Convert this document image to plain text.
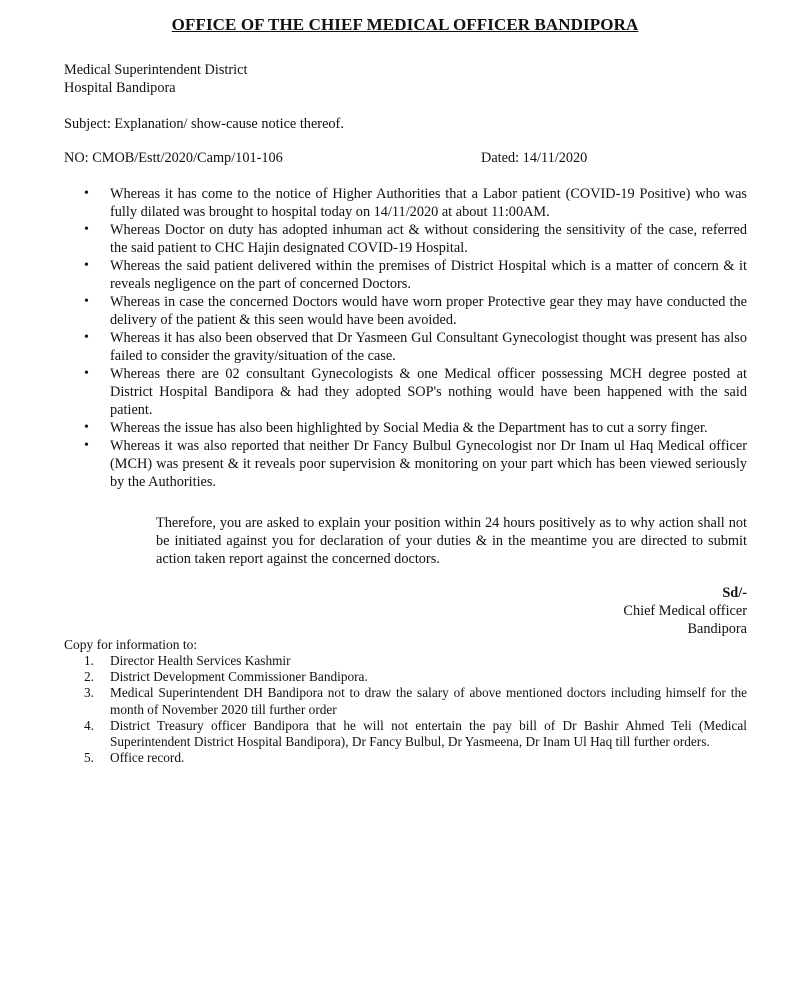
OFFICE OF THE CHIEF MEDICAL OFFICER BANDIPORA
Medical Superintendent District
Hospital Bandipora
Subject: Explanation/ show-cause notice thereof.
NO: CMOB/Estt/2020/Camp/101-106	Dated: 14/11/2020
• Whereas it has come to the notice of Higher Authorities that a Labor patient (COVID-19 Positive) who was fully dilated was brought to hospital today on 14/11/2020 at about 11:00AM.
• Whereas Doctor on duty has adopted inhuman act & without considering the sensitivity of the case, referred the said patient to CHC Hajin designated COVID-19 Hospital.
• Whereas the said patient delivered within the premises of District Hospital which is a matter of concern & it reveals negligence on the part of concerned Doctors.
• Whereas in case the concerned Doctors would have worn proper Protective gear they may have conducted the delivery of the patient & this seen would have been avoided.
• Whereas it has also been observed that Dr Yasmeen Gul Consultant Gynecologist thought was present has also failed to consider the gravity/situation of the case.
• Whereas there are 02 consultant Gynecologists & one Medical officer possessing MCH degree posted at District Hospital Bandipora & had they adopted SOP's nothing would have been happened with the said patient.
• Whereas the issue has also been highlighted by Social Media & the Department has to cut a sorry finger.
• Whereas it was also reported that neither Dr Fancy Bulbul Gynecologist nor Dr Inam ul Haq Medical officer (MCH) was present & it reveals poor supervision & monitoring on your part which has been viewed seriously by the Authorities.
Therefore, you are asked to explain your position within 24 hours positively as to why action shall not be initiated against you for declaration of your duties & in the meantime you are directed to submit action taken report against the concerned doctors.
Sd/-
Chief Medical officer
Bandipora
Copy for information to:
1. Director Health Services Kashmir
2. District Development Commissioner Bandipora.
3. Medical Superintendent DH Bandipora not to draw the salary of above mentioned doctors including himself for the month of November 2020 till further order
4. District Treasury officer Bandipora that he will not entertain the pay bill of Dr Bashir Ahmed Teli (Medical Superintendent District Hospital Bandipora), Dr Fancy Bulbul, Dr Yasmeena, Dr Inam Ul Haq till further orders.
5. Office record.
